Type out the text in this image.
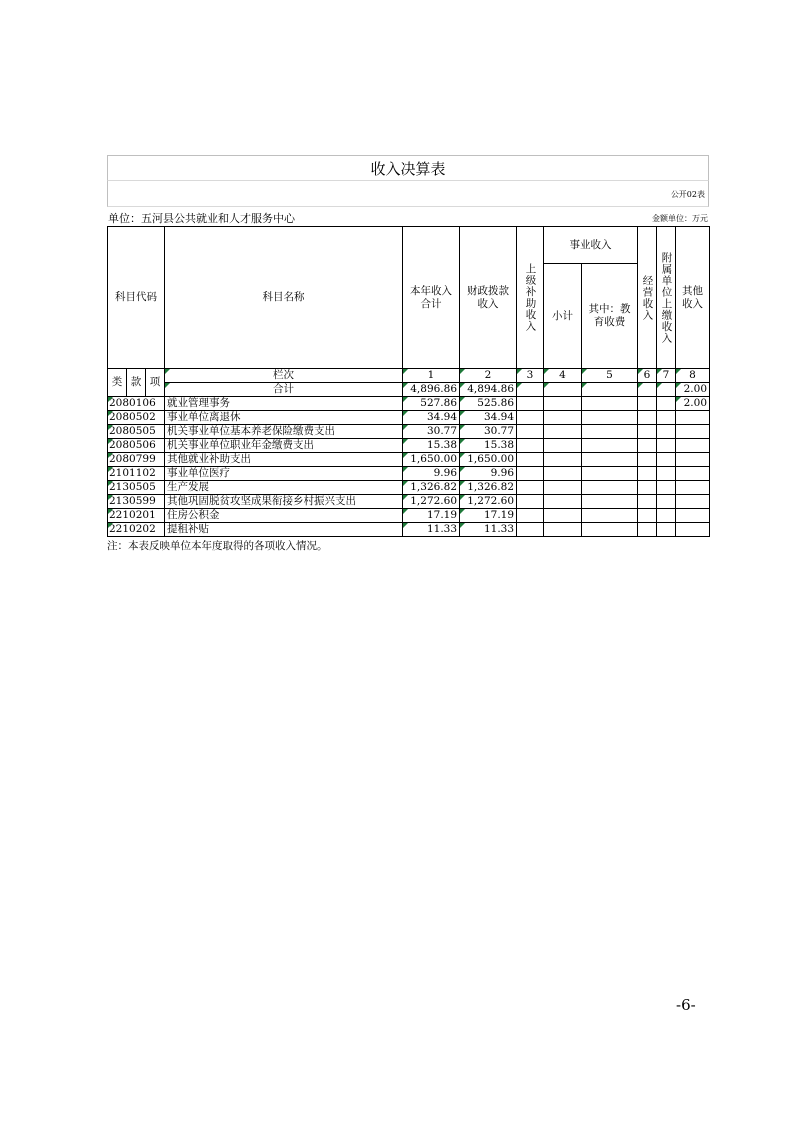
收入决算表
公开02表
单位：五河县公共就业和人才服务中心	金额单位：万元
科目代码			科目名称	本年收入合计	财政拨款收入	上级补助收入	事业收入		经营收入	附属单位上缴收入	其他收入

							小计	其中：教育收费			

类	款	项	栏次	1	2	3	4	5	6	7	8
			合计	4,896.86	4,894.86						2.00
2080106			就业管理事务	527.86	525.86						2.00
2080502			事业单位离退休	34.94	34.94						
2080505			机关事业单位基本养老保险缴费支出	30.77	30.77						
2080506			机关事业单位职业年金缴费支出	15.38	15.38						
2080799			其他就业补助支出	1,650.00	1,650.00						
2101102			事业单位医疗	9.96	9.96						
2130505			生产发展	1,326.82	1,326.82						
2130599			其他巩固脱贫攻坚成果衔接乡村振兴支出	1,272.60	1,272.60						
2210201			住房公积金	17.19	17.19						
2210202			提租补贴	11.33	11.33						
注：本表反映单位本年度取得的各项收入情况。
-6-
